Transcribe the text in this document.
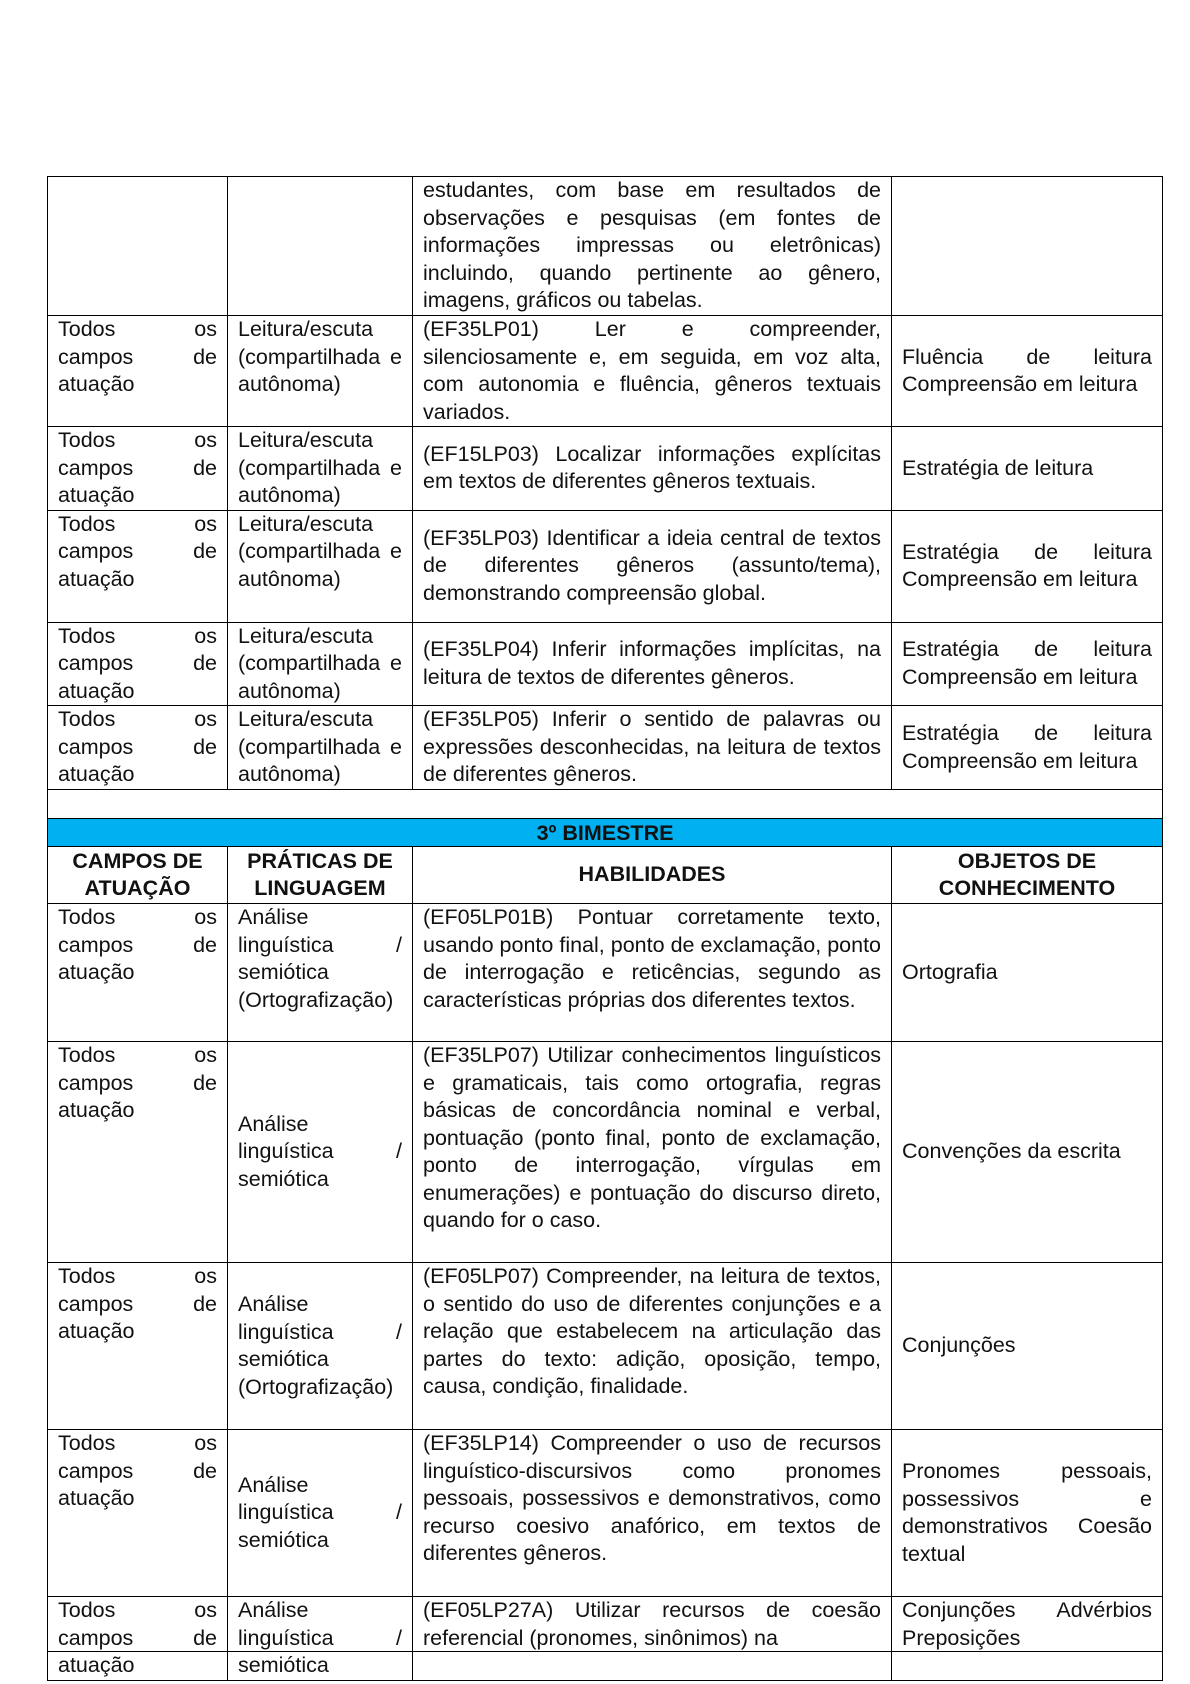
		estudantes, com base em resultados de observações e pesquisas (em fontes de informações impressas ou eletrônicas) incluindo, quando pertinente ao gênero, imagens, gráficos ou tabelas.	
Todos os campos de atuação	Leitura/escuta (compartilhada e autônoma)	(EF35LP01) Ler e compreender, silenciosamente e, em seguida, em voz alta, com autonomia e fluência, gêneros textuais variados.	Fluência de leitura Compreensão em leitura
Todos os campos de atuação	Leitura/escuta (compartilhada e autônoma)	(EF15LP03) Localizar informações explícitas em textos de diferentes gêneros textuais.	Estratégia de leitura
Todos os campos de atuação	Leitura/escuta (compartilhada e autônoma)	(EF35LP03) Identificar a ideia central de textos de diferentes gêneros (assunto/tema), demonstrando compreensão global.	Estratégia de leitura Compreensão em leitura
Todos os campos de atuação	Leitura/escuta (compartilhada e autônoma)	(EF35LP04) Inferir informações implícitas, na leitura de textos de diferentes gêneros.	Estratégia de leitura Compreensão em leitura
Todos os campos de atuação	Leitura/escuta (compartilhada e autônoma)	(EF35LP05) Inferir o sentido de palavras ou expressões desconhecidas, na leitura de textos de diferentes gêneros.	Estratégia de leitura Compreensão em leitura

3º BIMESTRE			
CAMPOS DE ATUAÇÃO	PRÁTICAS DE LINGUAGEM	HABILIDADES	OBJETOS DE CONHECIMENTO
Todos os campos de atuação	Análise linguística / semiótica (Ortografização)	(EF05LP01B) Pontuar corretamente texto, usando ponto final, ponto de exclamação, ponto de interrogação e reticências, segundo as características próprias dos diferentes textos.	Ortografia
Todos os campos de atuação	Análise linguística / semiótica	(EF35LP07) Utilizar conhecimentos linguísticos e gramaticais, tais como ortografia, regras básicas de concordância nominal e verbal, pontuação (ponto final, ponto de exclamação, ponto de interrogação, vírgulas em enumerações) e pontuação do discurso direto, quando for o caso.	Convenções da escrita
Todos os campos de atuação	Análise linguística / semiótica (Ortografização)	(EF05LP07) Compreender, na leitura de textos, o sentido do uso de diferentes conjunções e a relação que estabelecem na articulação das partes do texto: adição, oposição, tempo, causa, condição, finalidade.	Conjunções
Todos os campos de atuação	Análise linguística / semiótica	(EF35LP14) Compreender o uso de recursos linguístico-discursivos como pronomes pessoais, possessivos e demonstrativos, como recurso coesivo anafórico, em textos de diferentes gêneros.	Pronomes pessoais, possessivos e demonstrativos Coesão textual
Todos os campos de atuação	Análise linguística / semiótica	(EF05LP27A) Utilizar recursos de coesão referencial (pronomes, sinônimos) na	Conjunções Advérbios Preposições
